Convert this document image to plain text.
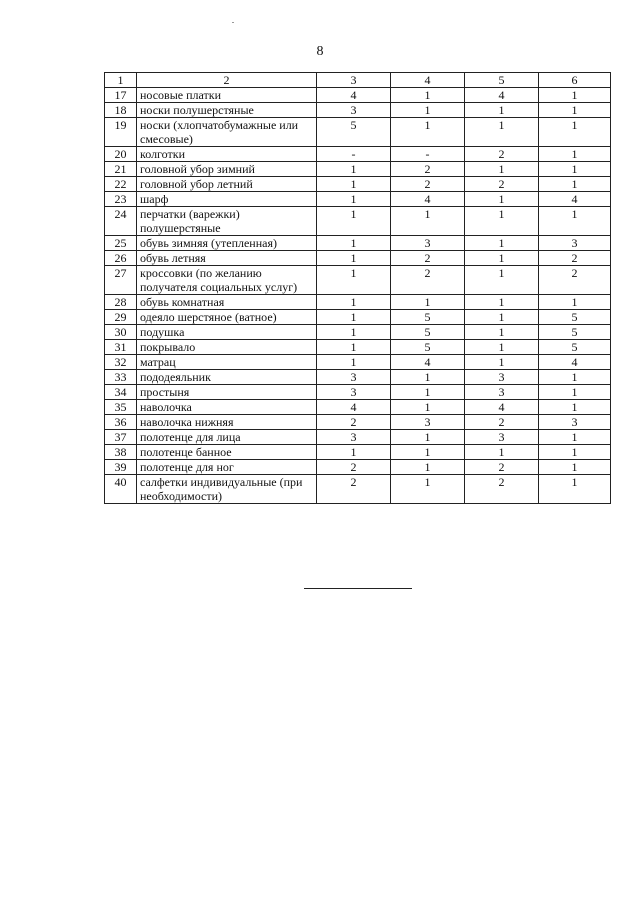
8
1	2	3	4	5	6
17	носовые платки	4	1	4	1
18	носки полушерстяные	3	1	1	1
19	носки (хлопчатобумажные или смесовые)	5	1	1	1
20	колготки	-	-	2	1
21	головной убор зимний	1	2	1	1
22	головной убор летний	1	2	2	1
23	шарф	1	4	1	4
24	перчатки (варежки) полушерстяные	1	1	1	1
25	обувь зимняя (утепленная)	1	3	1	3
26	обувь летняя	1	2	1	2
27	кроссовки (по желанию получателя социальных услуг)	1	2	1	2
28	обувь комнатная	1	1	1	1
29	одеяло шерстяное (ватное)	1	5	1	5
30	подушка	1	5	1	5
31	покрывало	1	5	1	5
32	матрац	1	4	1	4
33	пододеяльник	3	1	3	1
34	простыня	3	1	3	1
35	наволочка	4	1	4	1
36	наволочка нижняя	2	3	2	3
37	полотенце для лица	3	1	3	1
38	полотенце банное	1	1	1	1
39	полотенце для ног	2	1	2	1
40	салфетки индивидуальные (при необходимости)	2	1	2	1
